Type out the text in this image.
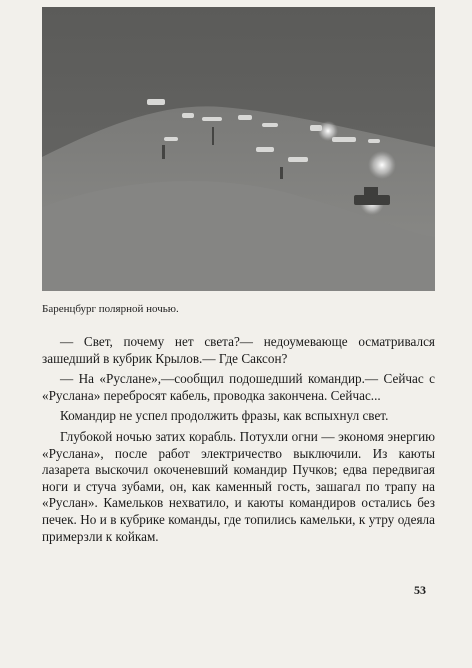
Баренцбург полярной ночью.

— Свет, почему нет света?— недоумевающе осматривался зашедший в кубрик Крылов.— Где Саксон?

— На «Руслане»,—сообщил подошедший командир.— Сейчас с «Руслана» переброcят кабель, проводка закончена. Сейчас...

Командир не успел продолжить фразы, как вспыхнул свет.

Глубокой ночью затих корабль. Потухли огни — экономя энергию «Руслана», после работ электричество выключили. Из каюты лазарета выскочил окоченевший командир Пучков; едва передвигая ноги и стуча зубами, он, как каменный гость, зашагал по трапу на «Руслан». Камельков нехватило, и каюты командиров остались без печек. Но и в кубрике команды, где топились камельки, к утру одеяла примерзли к койкам.

53
